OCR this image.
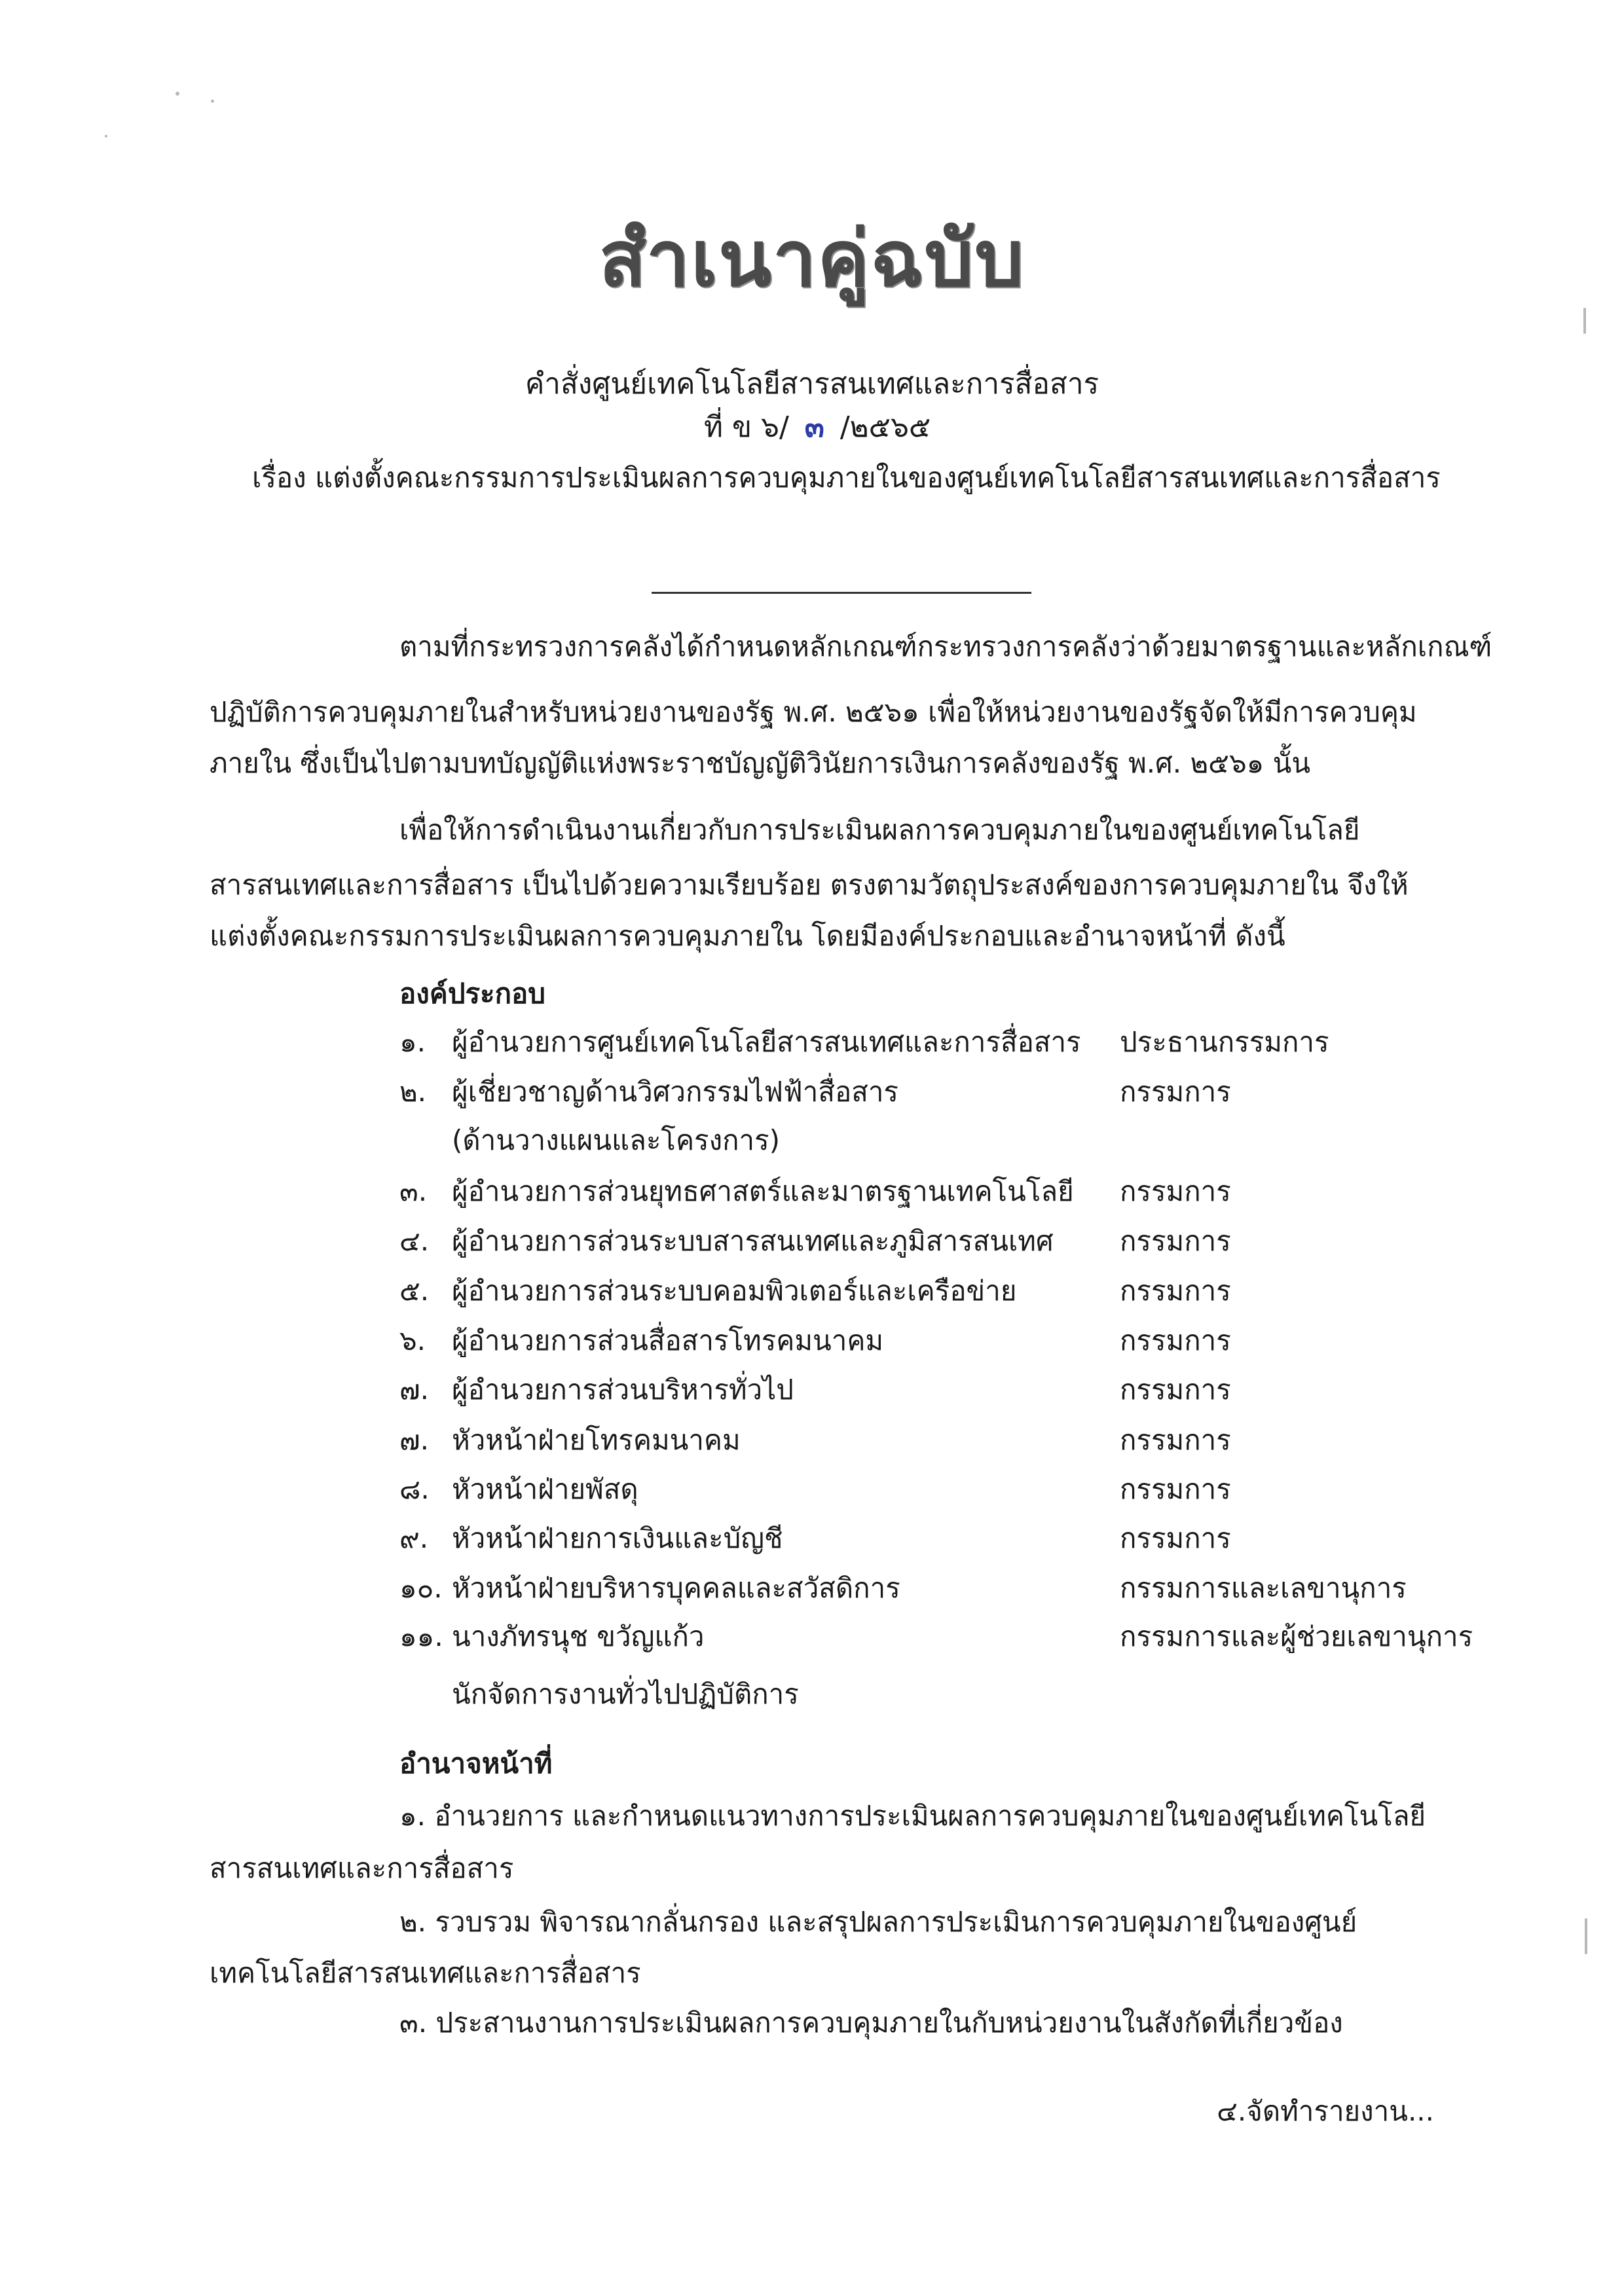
สำเนาคู่ฉบับ
คำสั่งศูนย์เทคโนโลยีสารสนเทศและการสื่อสาร
ที่ ข ๖/ ๓ /๒๕๖๕
เรื่อง แต่งตั้งคณะกรรมการประเมินผลการควบคุมภายในของศูนย์เทคโนโลยีสารสนเทศและการสื่อสาร
ตามที่กระทรวงการคลังได้กำหนดหลักเกณฑ์กระทรวงการคลังว่าด้วยมาตรฐานและหลักเกณฑ์
ปฏิบัติการควบคุมภายในสำหรับหน่วยงานของรัฐ พ.ศ. ๒๕๖๑ เพื่อให้หน่วยงานของรัฐจัดให้มีการควบคุม
ภายใน ซึ่งเป็นไปตามบทบัญญัติแห่งพระราชบัญญัติวินัยการเงินการคลังของรัฐ พ.ศ. ๒๕๖๑ นั้น
เพื่อให้การดำเนินงานเกี่ยวกับการประเมินผลการควบคุมภายในของศูนย์เทคโนโลยี
สารสนเทศและการสื่อสาร เป็นไปด้วยความเรียบร้อย ตรงตามวัตถุประสงค์ของการควบคุมภายใน จึงให้
แต่งตั้งคณะกรรมการประเมินผลการควบคุมภายใน โดยมีองค์ประกอบและอำนาจหน้าที่ ดังนี้
องค์ประกอบ
๑. ผู้อำนวยการศูนย์เทคโนโลยีสารสนเทศและการสื่อสาร ประธานกรรมการ
๒. ผู้เชี่ยวชาญด้านวิศวกรรมไฟฟ้าสื่อสาร	กรรมการ
(ด้านวางแผนและโครงการ)
๓. ผู้อำนวยการส่วนยุทธศาสตร์และมาตรฐานเทคโนโลยี กรรมการ
๔. ผู้อำนวยการส่วนระบบสารสนเทศและภูมิสารสนเทศ กรรมการ
๕. ผู้อำนวยการส่วนระบบคอมพิวเตอร์และเครือข่าย	กรรมการ
๖. ผู้อำนวยการส่วนสื่อสารโทรคมนาคม	กรรมการ
๗. ผู้อำนวยการส่วนบริหารทั่วไป	กรรมการ
๗. หัวหน้าฝ่ายโทรคมนาคม	กรรมการ
๘. หัวหน้าฝ่ายพัสดุ	กรรมการ
๙. หัวหน้าฝ่ายการเงินและบัญชี	กรรมการ
๑๐. หัวหน้าฝ่ายบริหารบุคคลและสวัสดิการ	กรรมการและเลขานุการ
๑๑. นางภัทรนุช ขวัญแก้ว	กรรมการและผู้ช่วยเลขานุการ
นักจัดการงานทั่วไปปฏิบัติการ
อำนาจหน้าที่
๑. อำนวยการ และกำหนดแนวทางการประเมินผลการควบคุมภายในของศูนย์เทคโนโลยี
สารสนเทศและการสื่อสาร
๒. รวบรวม พิจารณากลั่นกรอง และสรุปผลการประเมินการควบคุมภายในของศูนย์
เทคโนโลยีสารสนเทศและการสื่อสาร
๓. ประสานงานการประเมินผลการควบคุมภายในกับหน่วยงานในสังกัดที่เกี่ยวข้อง
๔.จัดทำรายงาน...
